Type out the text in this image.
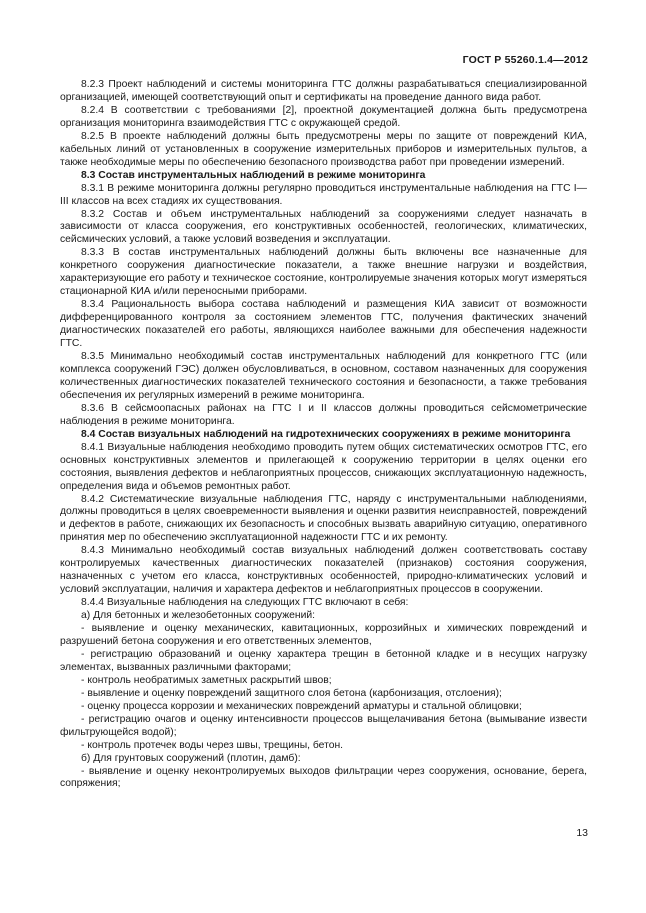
ГОСТ Р 55260.1.4—2012

8.2.3 Проект наблюдений и системы мониторинга ГТС должны разрабатываться специализированной организацией, имеющей соответствующий опыт и сертификаты на проведение данного вида работ.

8.2.4 В соответствии с требованиями [2], проектной документацией должна быть предусмотрена организация мониторинга взаимодействия ГТС с окружающей средой.

8.2.5 В проекте наблюдений должны быть предусмотрены меры по защите от повреждений КИА, кабельных линий от установленных в сооружение измерительных приборов и измерительных пультов, а также необходимые меры по обеспечению безопасного производства работ при проведении измерений.

8.3 Состав инструментальных наблюдений в режиме мониторинга

8.3.1 В режиме мониторинга должны регулярно проводиться инструментальные наблюдения на ГТС I—III классов на всех стадиях их существования.

8.3.2 Состав и объем инструментальных наблюдений за сооружениями следует назначать в зависимости от класса сооружения, его конструктивных особенностей, геологических, климатических, сейсмических условий, а также условий возведения и эксплуатации.

8.3.3 В состав инструментальных наблюдений должны быть включены все назначенные для конкретного сооружения диагностические показатели, а также внешние нагрузки и воздействия, характеризующие его работу и техническое состояние, контролируемые значения которых могут измеряться стационарной КИА и/или переносными приборами.

8.3.4 Рациональность выбора состава наблюдений и размещения КИА зависит от возможности дифференцированного контроля за состоянием элементов ГТС, получения фактических значений диагностических показателей его работы, являющихся наиболее важными для обеспечения надежности ГТС.

8.3.5 Минимально необходимый состав инструментальных наблюдений для конкретного ГТС (или комплекса сооружений ГЭС) должен обусловливаться, в основном, составом назначенных для сооружения количественных диагностических показателей технического состояния и безопасности, а также требования обеспечения их регулярных измерений в режиме мониторинга.

8.3.6 В сейсмоопасных районах на ГТС I и II классов должны проводиться сейсмометрические наблюдения в режиме мониторинга.

8.4 Состав визуальных наблюдений на гидротехнических сооружениях в режиме мониторинга

8.4.1 Визуальные наблюдения необходимо проводить путем общих систематических осмотров ГТС, его основных конструктивных элементов и прилегающей к сооружению территории в целях оценки его состояния, выявления дефектов и неблагоприятных процессов, снижающих эксплуатационную надежность, определения вида и объемов ремонтных работ.

8.4.2 Систематические визуальные наблюдения ГТС, наряду с инструментальными наблюдениями, должны проводиться в целях своевременности выявления и оценки развития неисправностей, повреждений и дефектов в работе, снижающих их безопасность и способных вызвать аварийную ситуацию, оперативного принятия мер по обеспечению эксплуатационной надежности ГТС и их ремонту.

8.4.3 Минимально необходимый состав визуальных наблюдений должен соответствовать составу контролируемых качественных диагностических показателей (признаков) состояния сооружения, назначенных с учетом его класса, конструктивных особенностей, природно-климатических условий и условий эксплуатации, наличия и характера дефектов и неблагоприятных процессов в сооружении.

8.4.4 Визуальные наблюдения на следующих ГТС включают в себя:

а) Для бетонных и железобетонных сооружений:

- выявление и оценку механических, кавитационных, коррозийных и химических повреждений и разрушений бетона сооружения и его ответственных элементов,

- регистрацию образований и оценку характера трещин в бетонной кладке и в несущих нагрузку элементах, вызванных различными факторами;

- контроль необратимых заметных раскрытий швов;

- выявление и оценку повреждений защитного слоя бетона (карбонизация, отслоения);

- оценку процесса коррозии и механических повреждений арматуры и стальной облицовки;

- регистрацию очагов и оценку интенсивности процессов выщелачивания бетона (вымывание извести фильтрующейся водой);

- контроль протечек воды через швы, трещины, бетон.

б) Для грунтовых сооружений (плотин, дамб):

- выявление и оценку неконтролируемых выходов фильтрации через сооружения, основание, берега, сопряжения;

13
